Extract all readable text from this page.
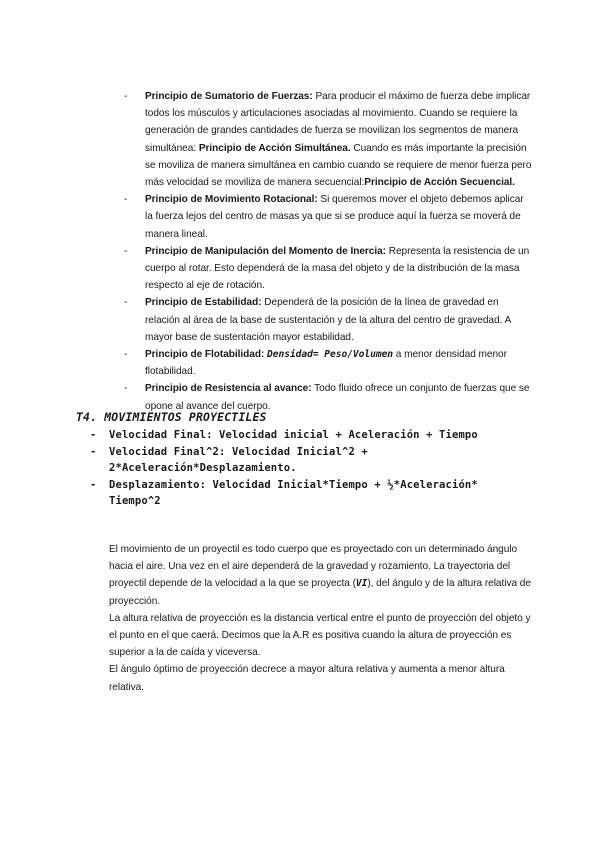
- Principio de Sumatorio de Fuerzas: Para producir el máximo de fuerza debe implicar todos los músculos y articulaciones asociadas al movimiento. Cuando se requiere la generación de grandes cantidades de fuerza se movilizan los segmentos de manera simultánea: Principio de Acción Simultánea. Cuando es más importante la precisión se moviliza de manera simultánea en cambio cuando se requiere de menor fuerza pero más velocidad se moviliza de manera secuencial:Principio de Acción Secuencial.
- Principio de Movimiento Rotacional: Si queremos mover el objeto debemos aplicar la fuerza lejos del centro de masas ya que si se produce aquí la fuerza se moverá de manera lineal.
- Principio de Manipulación del Momento de Inercia: Representa la resistencia de un cuerpo al rotar. Esto dependerá de la masa del objeto y de la distribución de la masa respecto al eje de rotación.
- Principio de Estabilidad: Dependerá de la posición de la línea de gravedad en relación al área de la base de sustentación y de la altura del centro de gravedad. A mayor base de sustentación mayor estabilidad.
- Principio de Flotabilidad: Densidad= Peso/Volumen a menor densidad menor flotabilidad.
- Principio de Resistencia al avance: Todo fluido ofrece un conjunto de fuerzas que se opone al avance del cuerpo.
T4. MOVIMIENTOS PROYECTILES
- Velocidad Final: Velocidad inicial + Aceleración + Tiempo
- Velocidad Final^2: Velocidad Inicial^2 + 2*Aceleración*Desplazamiento.
- Desplazamiento: Velocidad Inicial*Tiempo + ½*Aceleración* Tiempo^2

El movimiento de un proyectil es todo cuerpo que es proyectado con un determinado ángulo hacia el aire. Una vez en el aire dependerá de la gravedad y rozamiento. La trayectoria del proyectil depende de la velocidad a la que se proyecta (VI), del ángulo y de la altura relativa de proyección.

La altura relativa de proyección es la distancia vertical entre el punto de proyección del objeto y el punto en el que caerá. Decimos que la A.R es positiva cuando la altura de proyección es superior a la de caída y viceversa.

El ángulo óptimo de proyección decrece a mayor altura relativa y aumenta a menor altura relativa.
